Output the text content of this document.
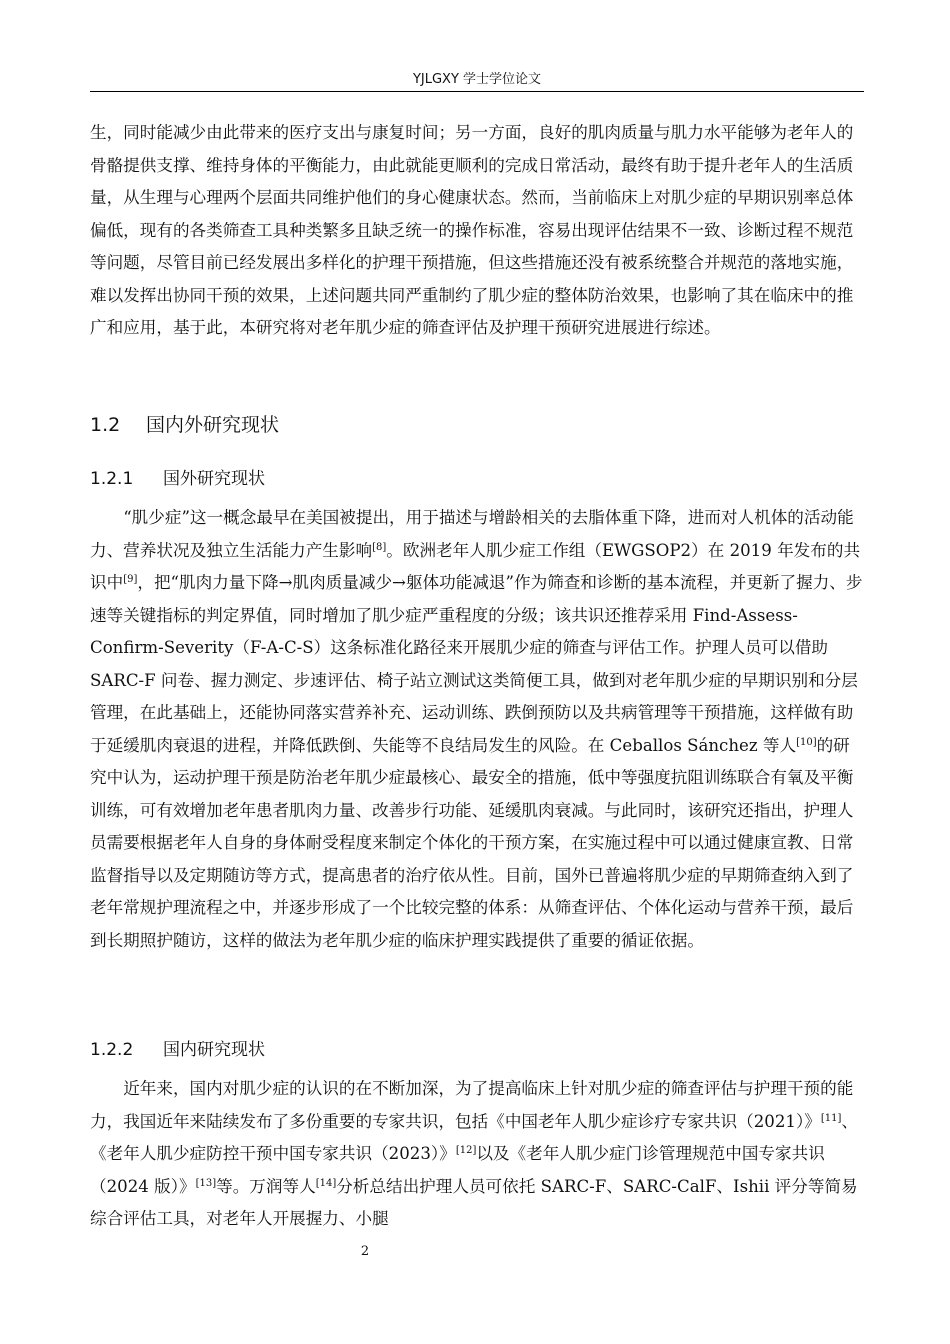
YJLGXY 学士学位论文

生，同时能减少由此带来的医疗支出与康复时间；另一方面，良好的肌肉质量与肌力水平能够为老年人的骨骼提供支撑、维持身体的平衡能力，由此就能更顺利的完成日常活动，最终有助于提升老年人的生活质量，从生理与心理两个层面共同维护他们的身心健康状态。然而，当前临床上对肌少症的早期识别率总体偏低，现有的各类筛查工具种类繁多且缺乏统一的操作标准，容易出现评估结果不一致、诊断过程不规范等问题，尽管目前已经发展出多样化的护理干预措施，但这些措施还没有被系统整合并规范的落地实施，难以发挥出协同干预的效果，上述问题共同严重制约了肌少症的整体防治效果，也影响了其在临床中的推广和应用，基于此，本研究将对老年肌少症的筛查评估及护理干预研究进展进行综述。

1.2 国内外研究现状
1.2.1 国外研究现状

“肌少症”这一概念最早在美国被提出，用于描述与增龄相关的去脂体重下降，进而对人机体的活动能力、营养状况及独立生活能力产生影响[8]。欧洲老年人肌少症工作组（EWGSOP2）在 2019 年发布的共识中[9]，把“肌肉力量下降→肌肉质量减少→躯体功能减退”作为筛查和诊断的基本流程，并更新了握力、步速等关键指标的判定界值，同时增加了肌少症严重程度的分级；该共识还推荐采用 Find-Assess-Confirm-Severity（F-A-C-S）这条标准化路径来开展肌少症的筛查与评估工作。护理人员可以借助 SARC-F 问卷、握力测定、步速评估、椅子站立测试这类简便工具，做到对老年肌少症的早期识别和分层管理，在此基础上，还能协同落实营养补充、运动训练、跌倒预防以及共病管理等干预措施，这样做有助于延缓肌肉衰退的进程，并降低跌倒、失能等不良结局发生的风险。在 Ceballos Sánchez 等人[10]的研究中认为，运动护理干预是防治老年肌少症最核心、最安全的措施，低中等强度抗阻训练联合有氧及平衡训练，可有效增加老年患者肌肉力量、改善步行功能、延缓肌肉衰减。与此同时，该研究还指出，护理人员需要根据老年人自身的身体耐受程度来制定个体化的干预方案，在实施过程中可以通过健康宣教、日常监督指导以及定期随访等方式，提高患者的治疗依从性。目前，国外已普遍将肌少症的早期筛查纳入到了老年常规护理流程之中，并逐步形成了一个比较完整的体系：从筛查评估、个体化运动与营养干预，最后到长期照护随访，这样的做法为老年肌少症的临床护理实践提供了重要的循证依据。

1.2.2 国内研究现状

近年来，国内对肌少症的认识的在不断加深，为了提高临床上针对肌少症的筛查评估与护理干预的能力，我国近年来陆续发布了多份重要的专家共识，包括《中国老年人肌少症诊疗专家共识（2021）》[11]、《老年人肌少症防控干预中国专家共识（2023）》[12]以及《老年人肌少症门诊管理规范中国专家共识（2024 版）》[13]等。万润等人[14]分析总结出护理人员可依托 SARC-F、SARC-CalF、Ishii 评分等简易综合评估工具，对老年人开展握力、小腿

2
